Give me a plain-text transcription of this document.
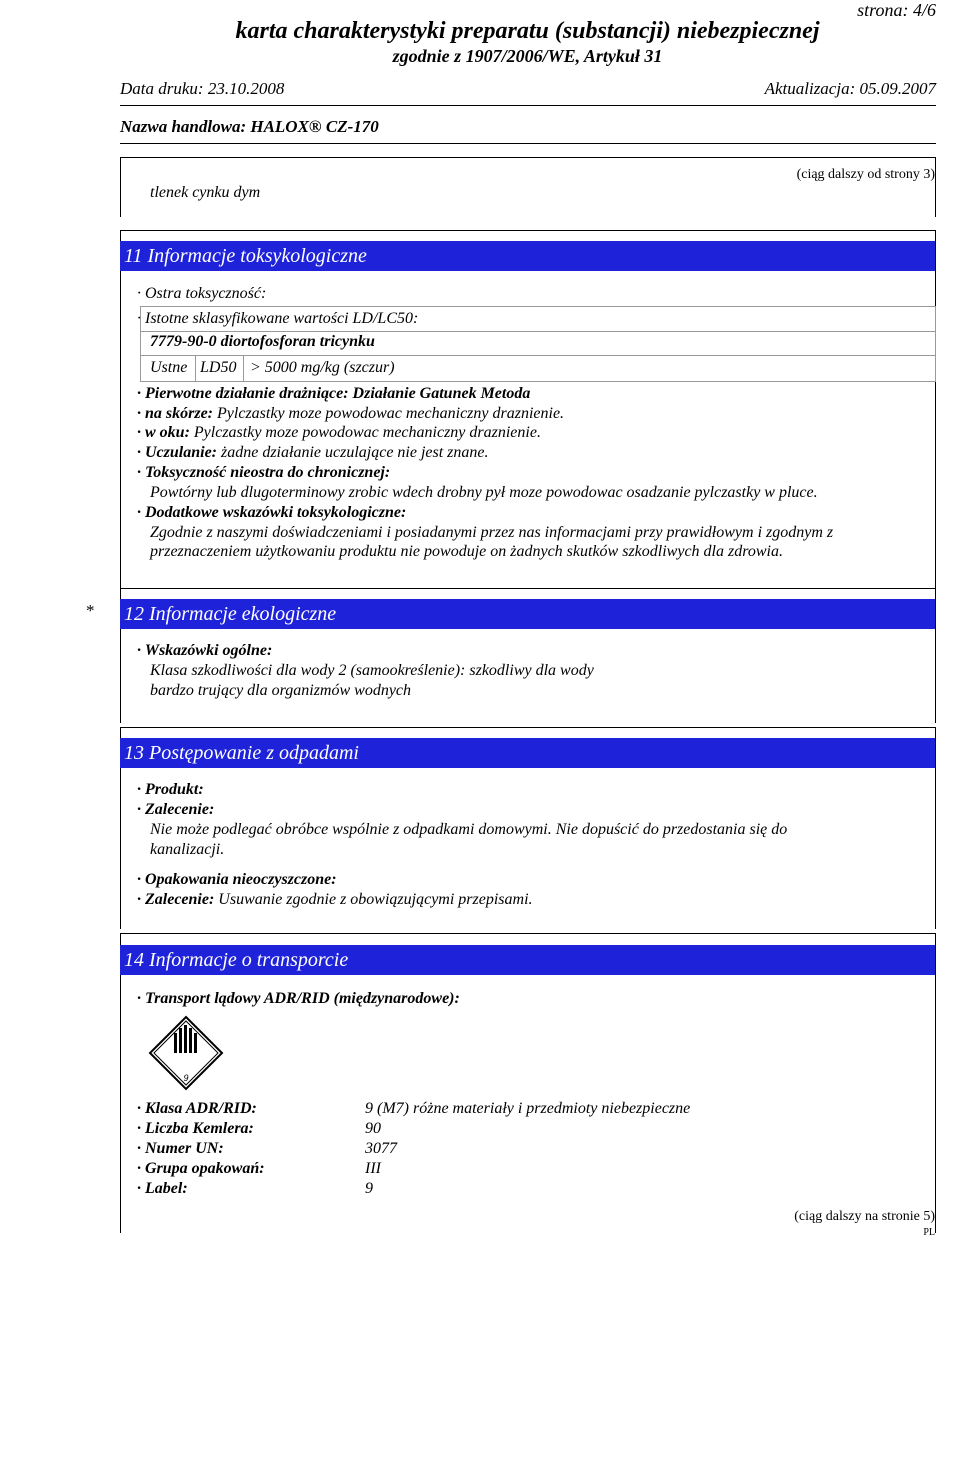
strona: 4/6
karta charakterystyki preparatu (substancji) niebezpiecznej
zgodnie z 1907/2006/WE, Artykuł 31
Data druku: 23.10.2008	Aktualizacja: 05.09.2007
Nazwa handlowa: HALOX® CZ-170
tlenek cynku dym
(ciąg dalszy od strony 3)
11 Informacje toksykologiczne
· Ostra toksyczność:
· Istotne sklasyfikowane wartości LD/LC50:
7779-90-0 diortofosforan tricynku
Ustne LD50 > 5000 mg/kg (szczur)
· Pierwotne działanie drażniące: Działanie Gatunek Metoda
· na skórze: Pylczastky moze powodowac mechaniczny draznienie.
· w oku: Pylczastky moze powodowac mechaniczny draznienie.
· Uczulanie: żadne działanie uczulające nie jest znane.
· Toksyczność nieostra do chronicznej:
Powtórny lub dlugoterminowy zrobic wdech drobny pył moze powodowac osadzanie pylczastky w pluce.
· Dodatkowe wskazówki toksykologiczne:
Zgodnie z naszymi doświadczeniami i posiadanymi przez nas informacjami przy prawidłowym i zgodnym z
przeznaczeniem użytkowaniu produktu nie powoduje on żadnych skutków szkodliwych dla zdrowia.
* 12 Informacje ekologiczne
· Wskazówki ogólne:
Klasa szkodliwości dla wody 2 (samookreślenie): szkodliwy dla wody
bardzo trujący dla organizmów wodnych
13 Postępowanie z odpadami
· Produkt:
· Zalecenie:
Nie może podlegać obróbce wspólnie z odpadkami domowymi. Nie dopuścić do przedostania się do
kanalizacji.
· Opakowania nieoczyszczone:
· Zalecenie: Usuwanie zgodnie z obowiązującymi przepisami.
14 Informacje o transporcie
· Transport lądowy ADR/RID (międzynarodowe):
9
· Klasa ADR/RID:	9 (M7) różne materiały i przedmioty niebezpieczne
· Liczba Kemlera:	90
· Numer UN:	3077
· Grupa opakowań:	III
· Label:	9
(ciąg dalszy na stronie 5)
PL
